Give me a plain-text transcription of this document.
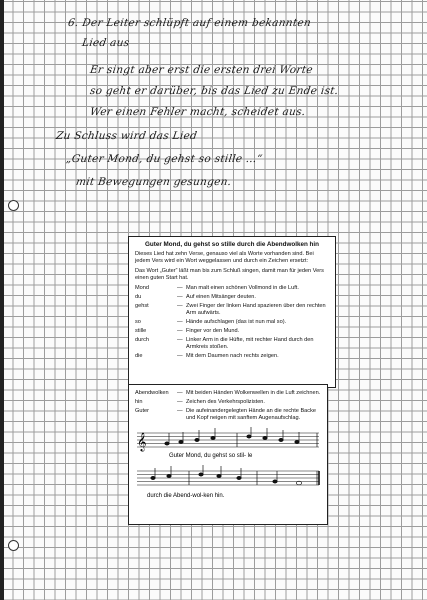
6. Der Leiter schlüpft auf einem bekannten
Lied aus
Er singt aber erst die ersten drei Worte
so geht er darüber, bis das Lied zu Ende ist.
Wer einen Fehler macht, scheidet aus.
Zu Schluss wird das Lied
„Guter Mond, du gehst so stille …“
mit Bewegungen gesungen.
Guter Mond, du gehst so stille durch die Abendwolken hin
Dieses Lied hat zehn Verse, genauso viel als Worte vorhanden sind. Bei jedem Vers wird ein Wort weggelassen und durch ein Zeichen ersetzt:
Das Wort „Guter“ läßt man bis zum Schluß singen, damit man für jeden Vers einen guten Start hat.
Mond	— Man malt einen schönen Vollmond in die Luft.
du	— Auf einen Mitsänger deuten.
gehst	— Zwei Finger der linken Hand spazieren über den rechten Arm aufwärts.
so	— Hände aufschlagen (das ist nun mal so).
stille	— Finger vor den Mund.
durch	— Linker Arm in die Hüfte, mit rechter Hand durch den Armkreis stoßen.
die	— Mit dem Daumen nach rechts zeigen.
Abendwolken	— Mit beiden Händen Wolkenwellen in die Luft zeichnen.
hin	— Zeichen des Verkehrspolizisten.
Guter	— Die aufeinandergelegten Hände an die rechte Backe und Kopf neigen mit sanftem Augenaufschlag.
𝄞
Guter Mond, du gehst so stil- le
durch die Abend-wol-ken hin.
